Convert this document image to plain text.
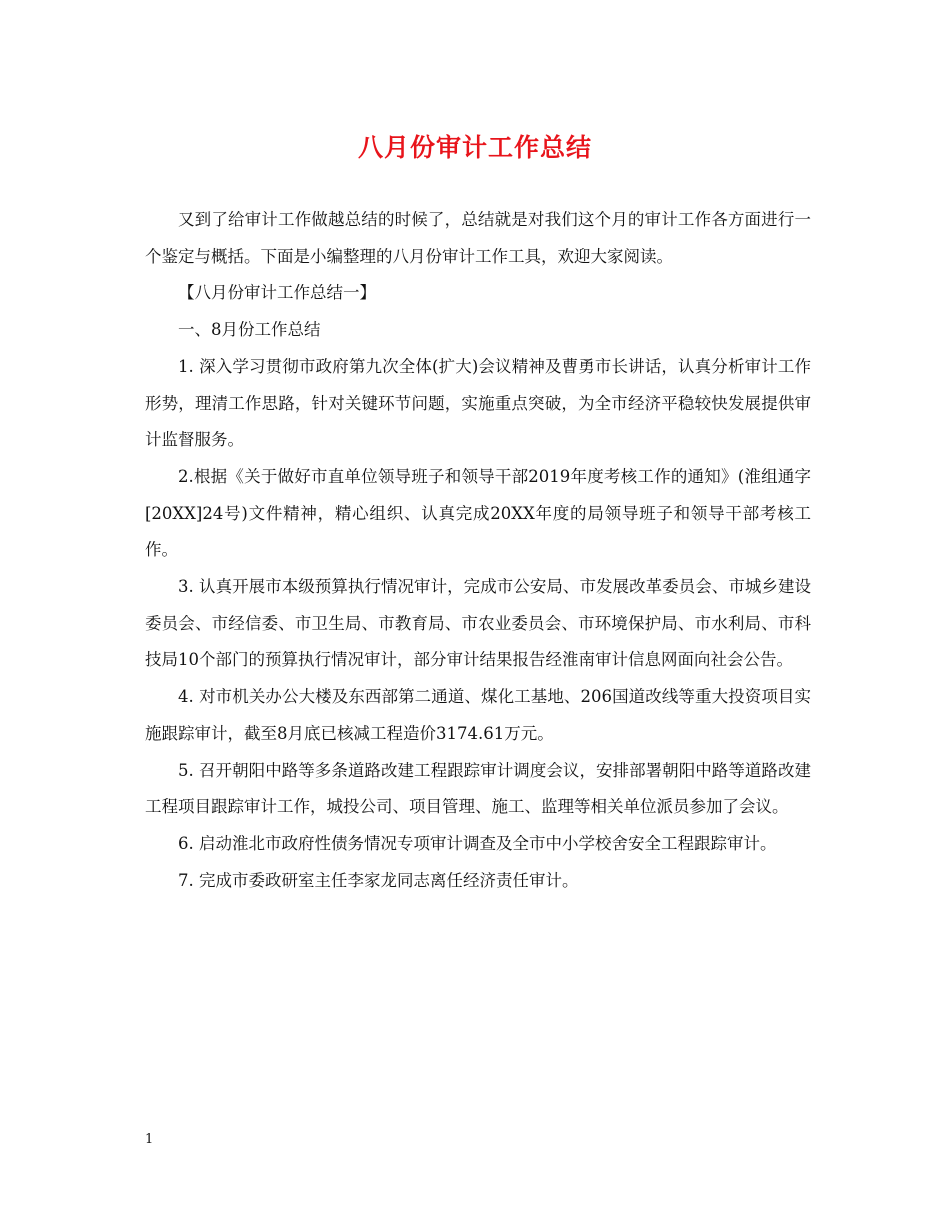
八月份审计工作总结

又到了给审计工作做越总结的时候了，总结就是对我们这个月的审计工作各方面进行一个鉴定与概括。下面是小编整理的八月份审计工作工具，欢迎大家阅读。

【八月份审计工作总结一】

一、8月份工作总结

1. 深入学习贯彻市政府第九次全体(扩大)会议精神及曹勇市长讲话，认真分析审计工作形势，理清工作思路，针对关键环节问题，实施重点突破，为全市经济平稳较快发展提供审计监督服务。

2.根据《关于做好市直单位领导班子和领导干部2019年度考核工作的通知》(淮组通字[20XX]24号)文件精神，精心组织、认真完成20XX年度的局领导班子和领导干部考核工作。

3. 认真开展市本级预算执行情况审计，完成市公安局、市发展改革委员会、市城乡建设委员会、市经信委、市卫生局、市教育局、市农业委员会、市环境保护局、市水利局、市科技局10个部门的预算执行情况审计，部分审计结果报告经淮南审计信息网面向社会公告。

4. 对市机关办公大楼及东西部第二通道、煤化工基地、206国道改线等重大投资项目实施跟踪审计，截至8月底已核减工程造价3174.61万元。

5. 召开朝阳中路等多条道路改建工程跟踪审计调度会议，安排部署朝阳中路等道路改建工程项目跟踪审计工作，城投公司、项目管理、施工、监理等相关单位派员参加了会议。

6. 启动淮北市政府性债务情况专项审计调查及全市中小学校舍安全工程跟踪审计。

7. 完成市委政研室主任李家龙同志离任经济责任审计。

1
